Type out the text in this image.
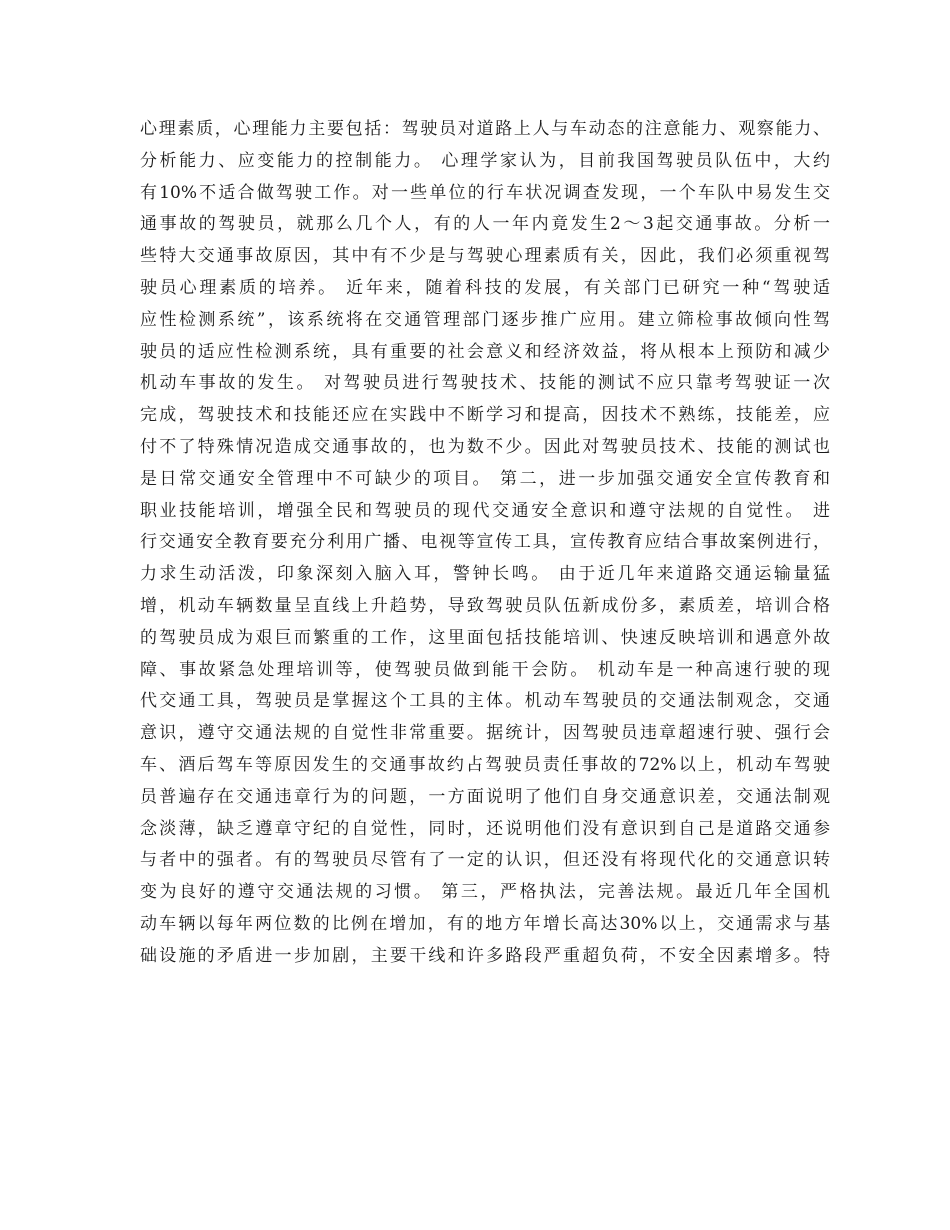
心理素质，心理能力主要包括：驾驶员对道路上人与车动态的注意能力、观察能力、
分析能力、应变能力的控制能力。 心理学家认为，目前我国驾驶员队伍中，大约
有10%不适合做驾驶工作。对一些单位的行车状况调查发现，一个车队中易发生交
通事故的驾驶员，就那么几个人，有的人一年内竟发生2～3起交通事故。分析一
些特大交通事故原因，其中有不少是与驾驶心理素质有关，因此，我们必须重视驾
驶员心理素质的培养。 近年来，随着科技的发展，有关部门已研究一种“驾驶适
应性检测系统”，该系统将在交通管理部门逐步推广应用。建立筛检事故倾向性驾
驶员的适应性检测系统，具有重要的社会意义和经济效益，将从根本上预防和减少
机动车事故的发生。 对驾驶员进行驾驶技术、技能的测试不应只靠考驾驶证一次
完成，驾驶技术和技能还应在实践中不断学习和提高，因技术不熟练，技能差，应
付不了特殊情况造成交通事故的，也为数不少。因此对驾驶员技术、技能的测试也
是日常交通安全管理中不可缺少的项目。 第二，进一步加强交通安全宣传教育和
职业技能培训，增强全民和驾驶员的现代交通安全意识和遵守法规的自觉性。 进
行交通安全教育要充分利用广播、电视等宣传工具，宣传教育应结合事故案例进行，
力求生动活泼，印象深刻入脑入耳，警钟长鸣。 由于近几年来道路交通运输量猛
增，机动车辆数量呈直线上升趋势，导致驾驶员队伍新成份多，素质差，培训合格
的驾驶员成为艰巨而繁重的工作，这里面包括技能培训、快速反映培训和遇意外故
障、事故紧急处理培训等，使驾驶员做到能干会防。 机动车是一种高速行驶的现
代交通工具，驾驶员是掌握这个工具的主体。机动车驾驶员的交通法制观念，交通
意识，遵守交通法规的自觉性非常重要。据统计，因驾驶员违章超速行驶、强行会
车、酒后驾车等原因发生的交通事故约占驾驶员责任事故的72%以上，机动车驾驶
员普遍存在交通违章行为的问题，一方面说明了他们自身交通意识差，交通法制观
念淡薄，缺乏遵章守纪的自觉性，同时，还说明他们没有意识到自己是道路交通参
与者中的强者。有的驾驶员尽管有了一定的认识，但还没有将现代化的交通意识转
变为良好的遵守交通法规的习惯。 第三，严格执法，完善法规。最近几年全国机
动车辆以每年两位数的比例在增加，有的地方年增长高达30%以上，交通需求与基
础设施的矛盾进一步加剧，主要干线和许多路段严重超负荷，不安全因素增多。特
